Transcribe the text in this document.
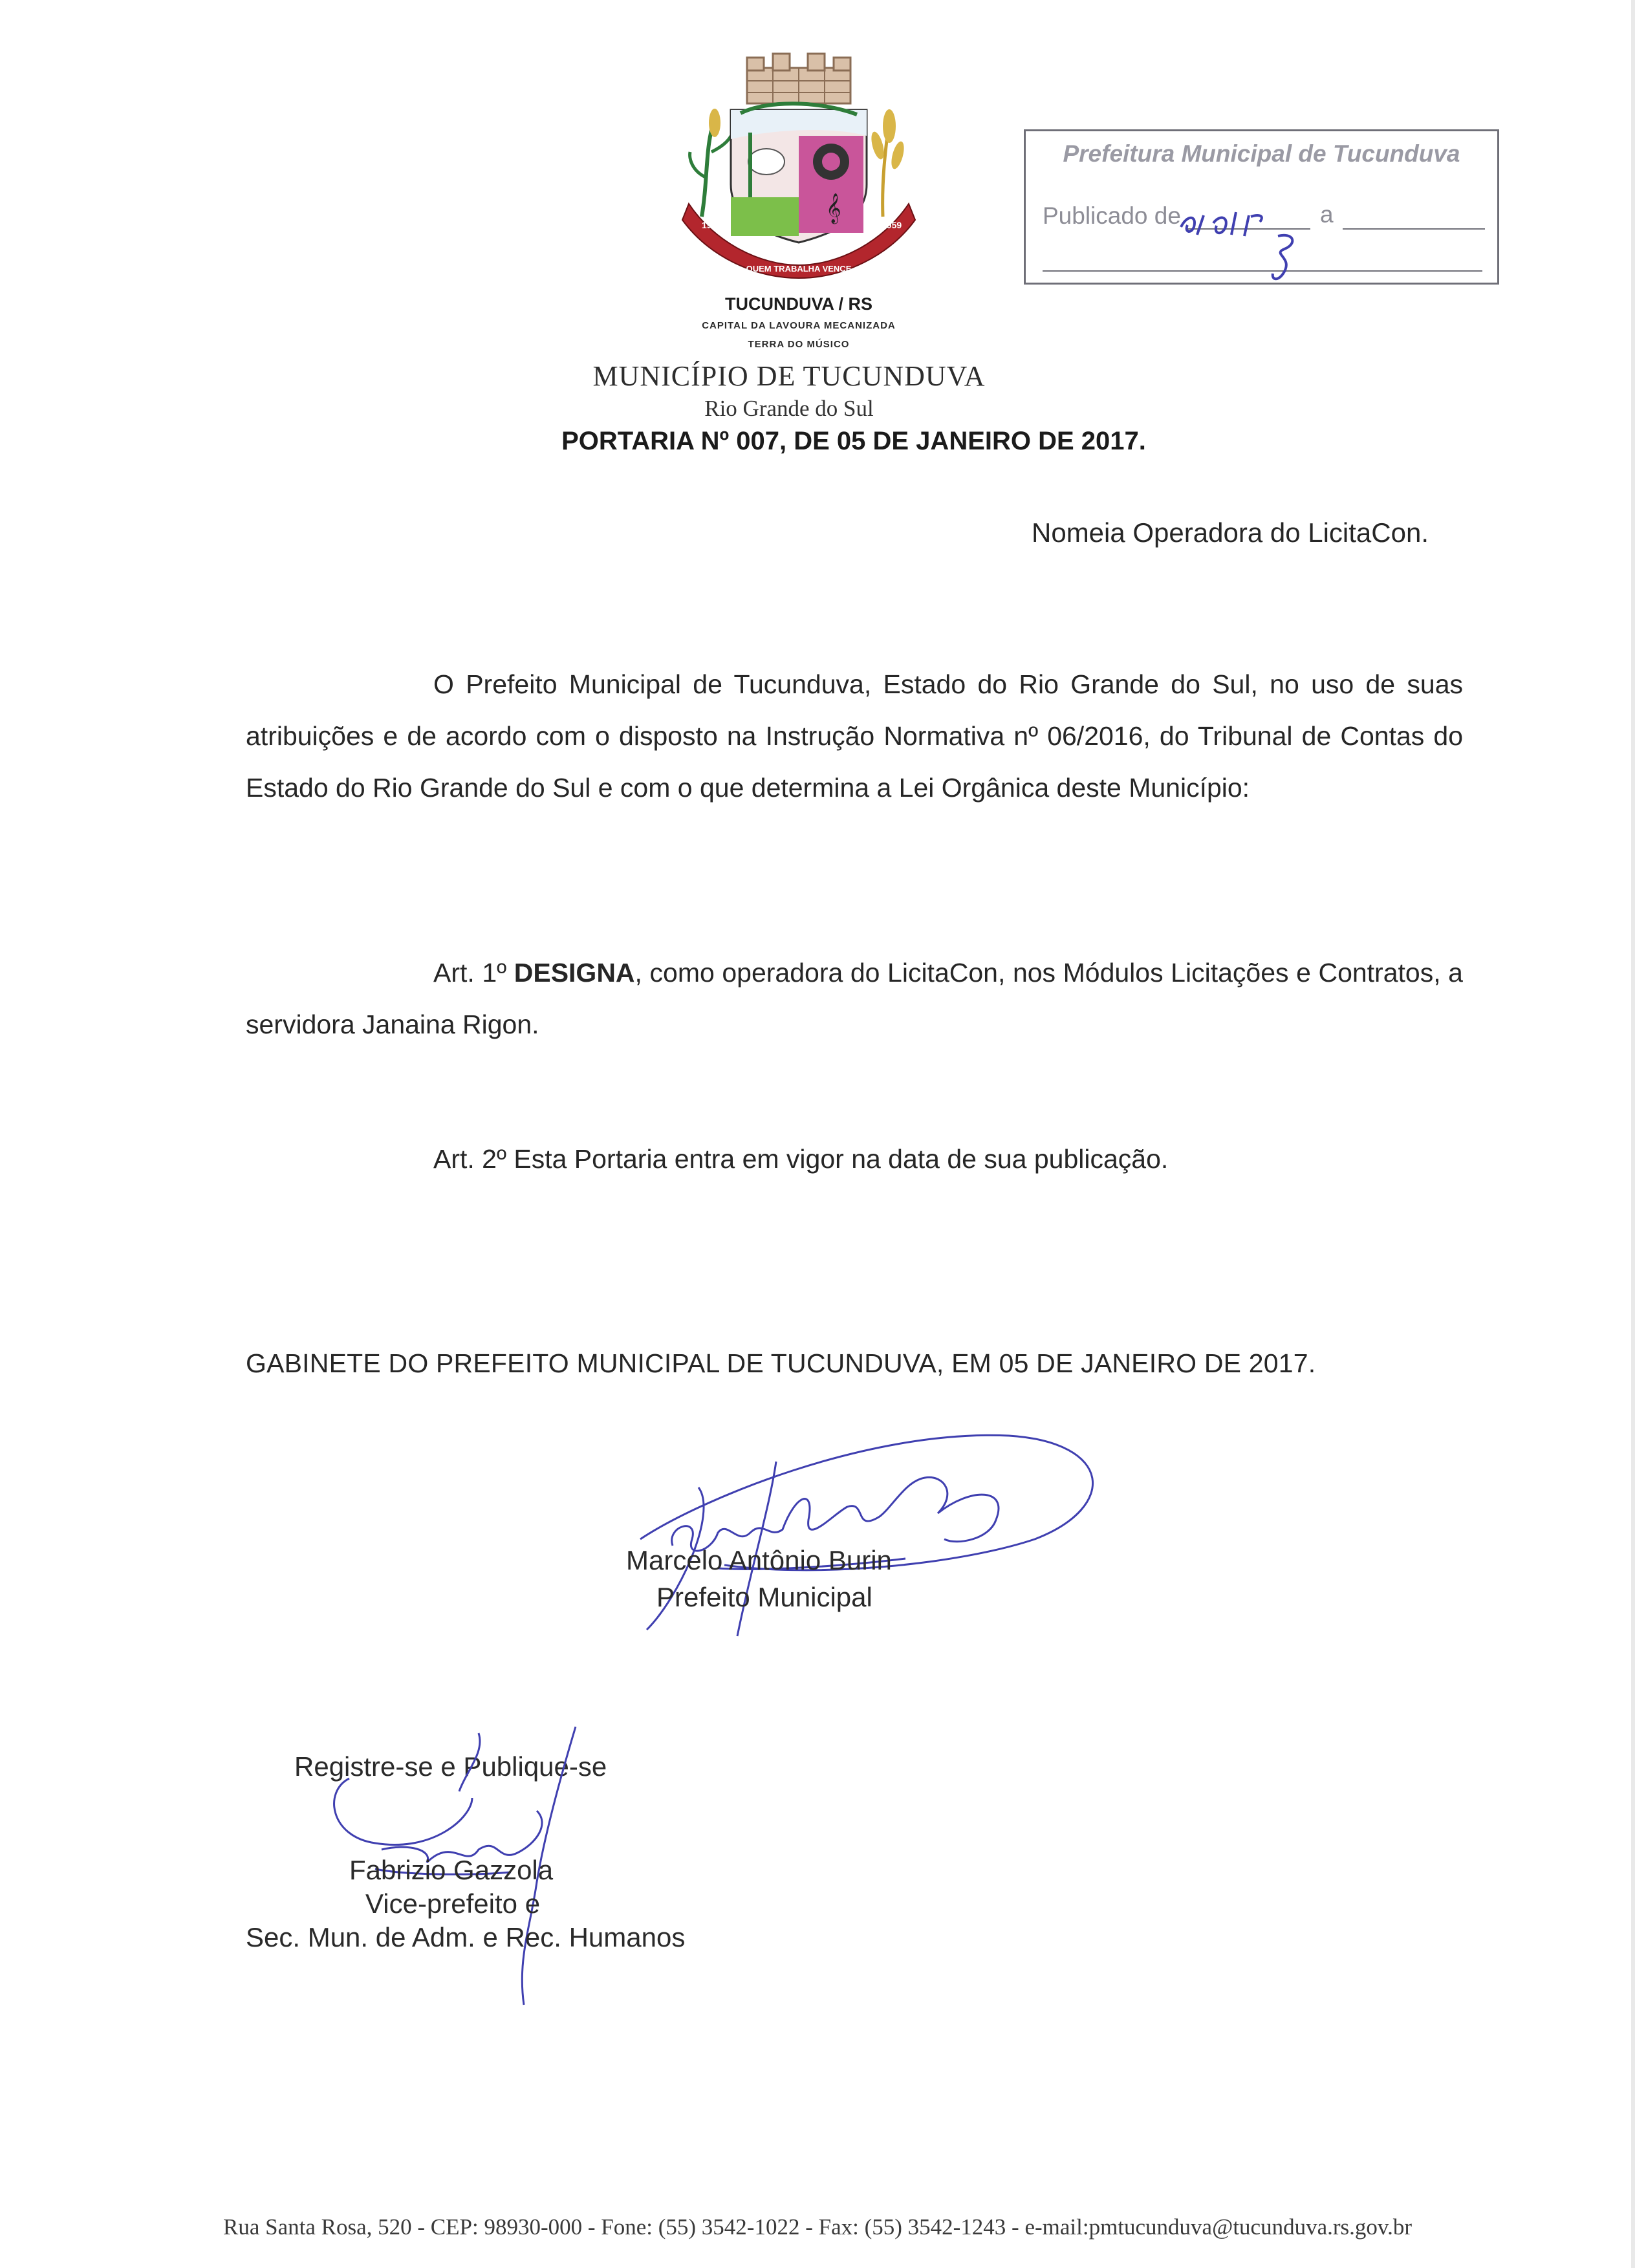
𝄞
1954	1959
QUEM TRABALHA VENCE
TUCUNDUVA / RS
CAPITAL DA LAVOURA MECANIZADA
TERRA DO MÚSICO
MUNICÍPIO DE TUCUNDUVA
Rio Grande do Sul
PORTARIA Nº 007, DE 05 DE JANEIRO DE 2017.
Prefeitura Municipal de Tucunduva
Publicado de	a
Nomeia Operadora do LicitaCon.
O Prefeito Municipal de Tucunduva, Estado do Rio Grande do Sul, no uso de suas atribuições e de acordo com o disposto na Instrução Normativa nº 06/2016, do Tribunal de Contas do Estado do Rio Grande do Sul e com o que determina a Lei Orgânica deste Município:
Art. 1º DESIGNA, como operadora do LicitaCon, nos Módulos Licitações e Contratos, a servidora Janaina Rigon.
Art. 2º Esta Portaria entra em vigor na data de sua publicação.
GABINETE DO PREFEITO MUNICIPAL DE TUCUNDUVA, EM 05 DE JANEIRO DE 2017.
Marcelo Antônio Burin
Prefeito Municipal
Registre-se e Publique-se
Fabrizio Gazzola
Vice-prefeito e
Sec. Mun. de Adm. e Rec. Humanos
Rua Santa Rosa, 520 - CEP: 98930-000 - Fone: (55) 3542-1022 - Fax: (55) 3542-1243 - e-mail:pmtucunduva@tucunduva.rs.gov.br
